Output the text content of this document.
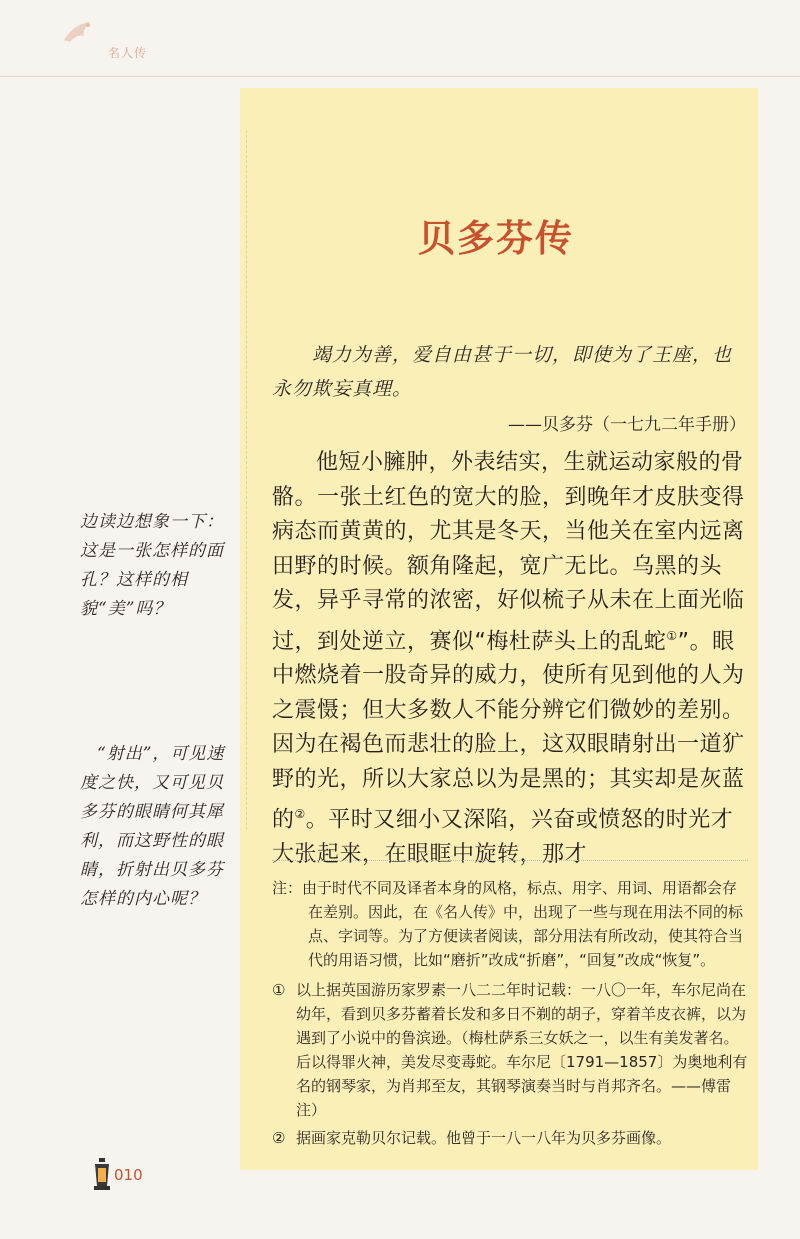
名人传
贝多芬传
竭力为善，爱自由甚于一切，即使为了王座，也永勿欺妄真理。
——贝多芬（一七九二年手册）

他短小臃肿，外表结实，生就运动家般的骨骼。一张土红色的宽大的脸，到晚年才皮肤变得病态而黄黄的，尤其是冬天，当他关在室内远离田野的时候。额角隆起，宽广无比。乌黑的头发，异乎寻常的浓密，好似梳子从未在上面光临过，到处逆立，赛似“梅杜萨头上的乱蛇①”。眼中燃烧着一股奇异的威力，使所有见到他的人为之震慑；但大多数人不能分辨它们微妙的差别。因为在褐色而悲壮的脸上，这双眼睛射出一道犷野的光，所以大家总以为是黑的；其实却是灰蓝的②。平时又细小又深陷，兴奋或愤怒的时光才大张起来，在眼眶中旋转，那才

边读边想象一下：这是一张怎样的面孔？这样的相貌“美”吗？
“射出”，可见速度之快，又可见贝多芬的眼睛何其犀利，而这野性的眼睛，折射出贝多芬怎样的内心呢？

注：由于时代不同及译者本身的风格，标点、用字、用词、用语都会存在差别。因此，在《名人传》中，出现了一些与现在用法不同的标点、字词等。为了方便读者阅读，部分用法有所改动，使其符合当代的用语习惯，比如“磨折”改成“折磨”，“回复”改成“恢复”。

① 以上据英国游历家罗素一八二二年时记载：一八〇一年，车尔尼尚在幼年，看到贝多芬蓄着长发和多日不剃的胡子，穿着羊皮衣裤，以为遇到了小说中的鲁滨逊。（梅杜萨系三女妖之一，以生有美发著名。后以得罪火神，美发尽变毒蛇。车尔尼〔1791—1857〕为奥地利有名的钢琴家，为肖邦至友，其钢琴演奏当时与肖邦齐名。——傅雷注）
② 据画家克勒贝尔记载。他曾于一八一八年为贝多芬画像。
010
